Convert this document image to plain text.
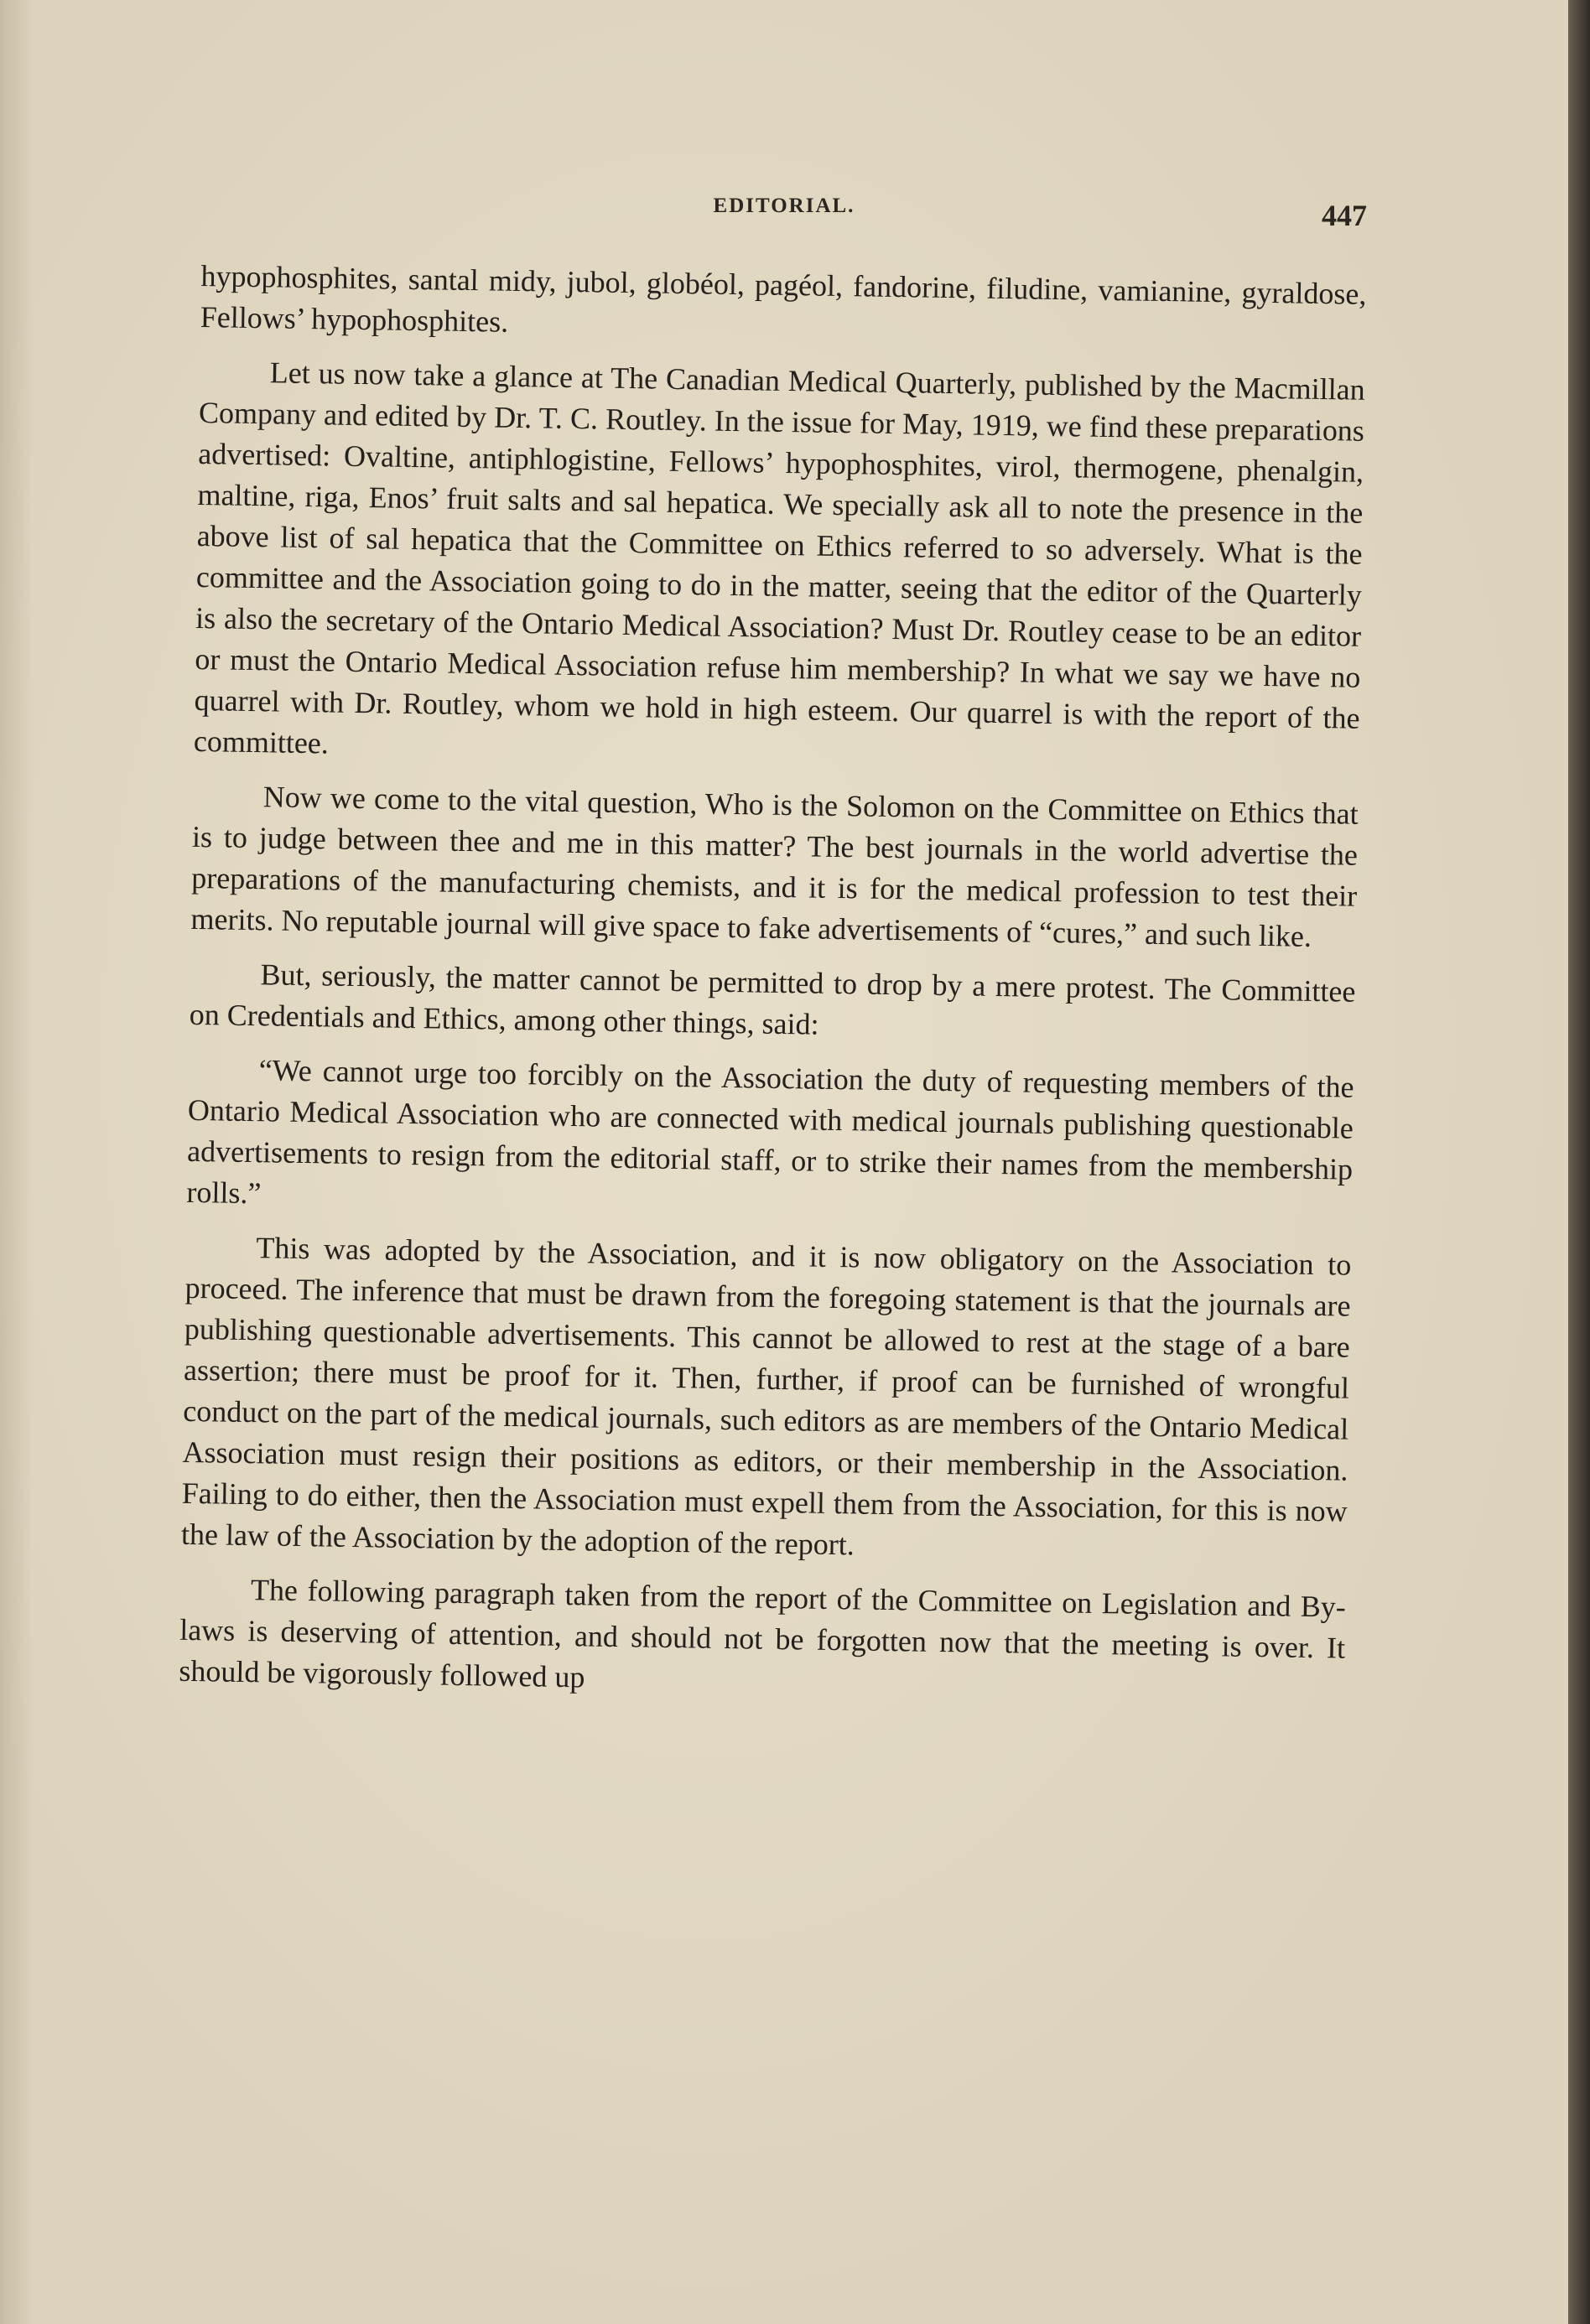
EDITORIAL.	447

hypophosphites, santal midy, jubol, globéol, pagéol, fandorine, filudine, vamianine, gyraldose, Fellows’ hypophosphites.

Let us now take a glance at The Canadian Medical Quarterly, published by the Macmillan Company and edited by Dr. T. C. Routley. In the issue for May, 1919, we find these preparations advertised: Ovaltine, antiphlogistine, Fellows’ hypophosphites, virol, thermogene, phenalgin, maltine, riga, Enos’ fruit salts and sal hepatica. We specially ask all to note the presence in the above list of sal hepatica that the Committee on Ethics referred to so adversely. What is the committee and the Association going to do in the matter, seeing that the editor of the Quarterly is also the secretary of the Ontario Medical Association? Must Dr. Routley cease to be an editor or must the Ontario Medical Association refuse him membership? In what we say we have no quarrel with Dr. Routley, whom we hold in high esteem. Our quarrel is with the report of the committee.

Now we come to the vital question, Who is the Solomon on the Committee on Ethics that is to judge between thee and me in this matter? The best journals in the world advertise the preparations of the manufacturing chemists, and it is for the medical profession to test their merits. No reputable journal will give space to fake advertisements of “cures,” and such like.

But, seriously, the matter cannot be permitted to drop by a mere protest. The Committee on Credentials and Ethics, among other things, said:

“We cannot urge too forcibly on the Association the duty of requesting members of the Ontario Medical Association who are connected with medical journals publishing questionable advertisements to resign from the editorial staff, or to strike their names from the membership rolls.”

This was adopted by the Association, and it is now obligatory on the Association to proceed. The inference that must be drawn from the foregoing statement is that the journals are publishing questionable advertisements. This cannot be allowed to rest at the stage of a bare assertion; there must be proof for it. Then, further, if proof can be furnished of wrongful conduct on the part of the medical journals, such editors as are members of the Ontario Medical Association must resign their positions as editors, or their membership in the Association. Failing to do either, then the Association must expell them from the Association, for this is now the law of the Association by the adoption of the report.

The following paragraph taken from the report of the Committee on Legislation and By-laws is deserving of attention, and should not be forgotten now that the meeting is over. It should be vigorously followed up
